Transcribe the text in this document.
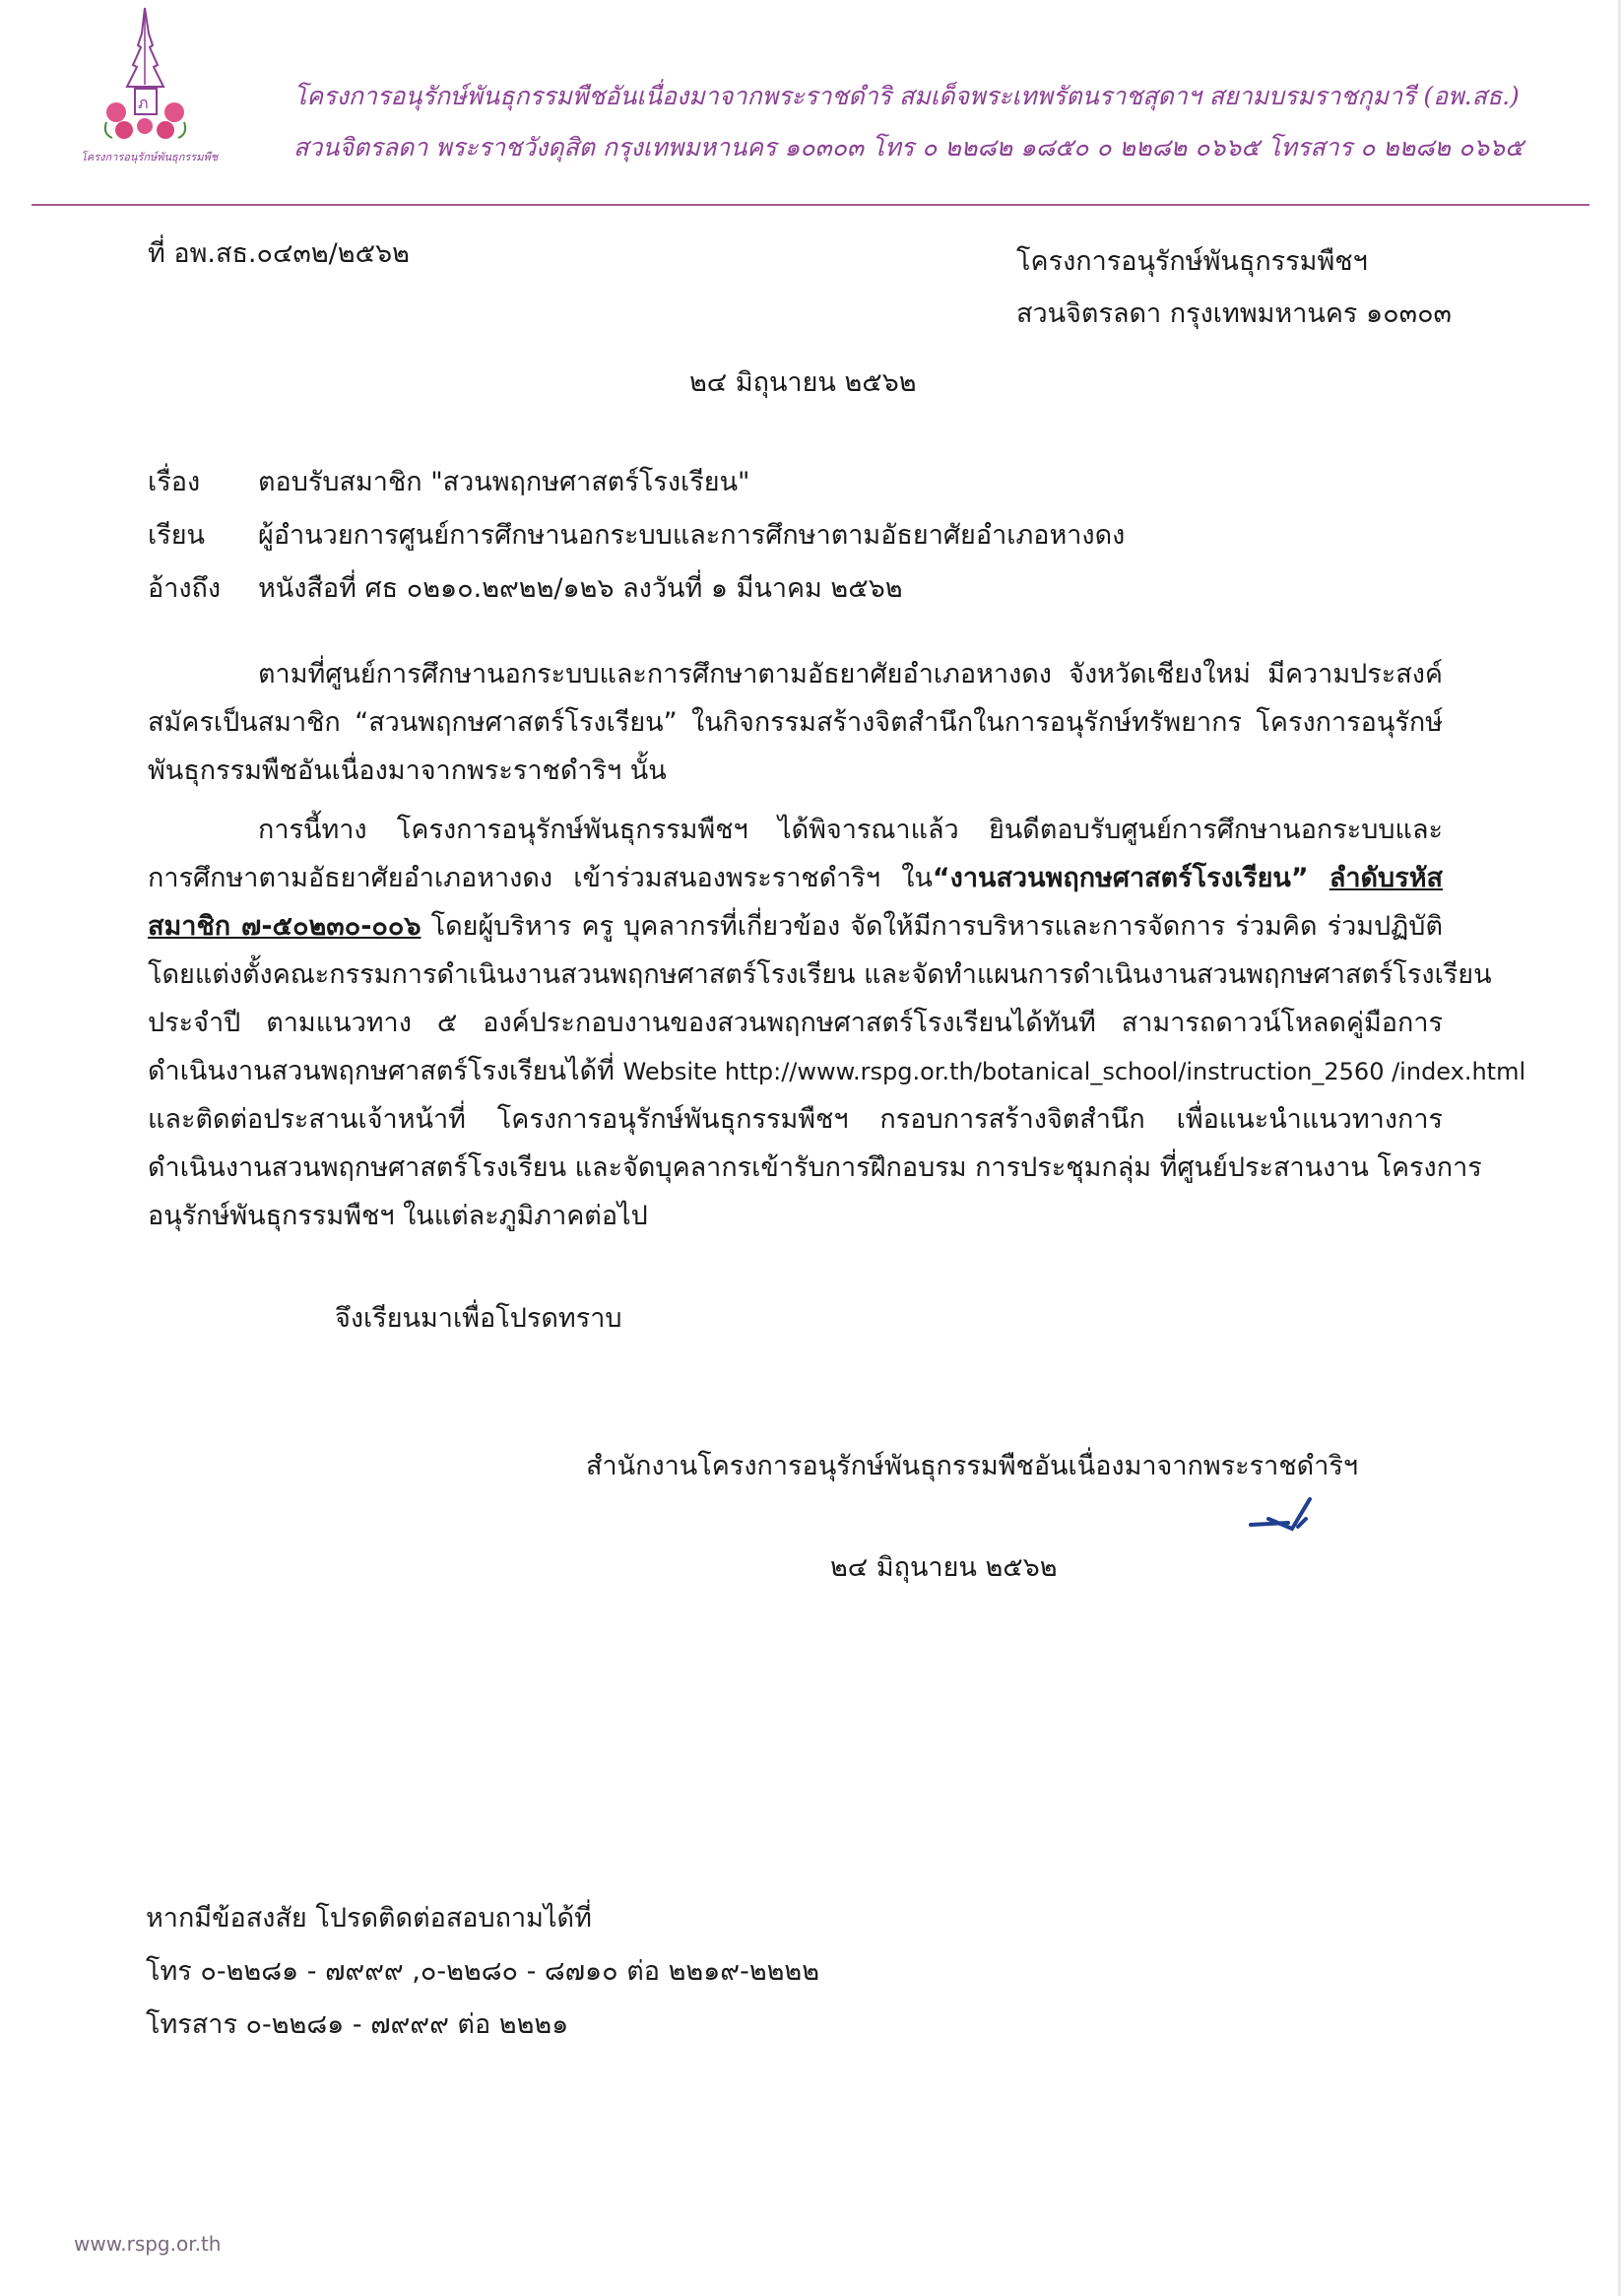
ภ
โครงการอนุรักษ์พันธุกรรมพืช
โครงการอนุรักษ์พันธุกรรมพืชอันเนื่องมาจากพระราชดำริ สมเด็จพระเทพรัตนราชสุดาฯ สยามบรมราชกุมารี (อพ.สธ.)
สวนจิตรลดา พระราชวังดุสิต กรุงเทพมหานคร ๑๐๓๐๓ โทร ๐ ๒๒๘๒ ๑๘๕๐ ๐ ๒๒๘๒ ๐๖๖๕ โทรสาร ๐ ๒๒๘๒ ๐๖๖๕
ที่ อพ.สธ.๐๔๓๒/๒๕๖๒	โครงการอนุรักษ์พันธุกรรมพืชฯ
สวนจิตรลดา กรุงเทพมหานคร ๑๐๓๐๓
๒๔ มิถุนายน ๒๕๖๒
เรื่อง ตอบรับสมาชิก "สวนพฤกษศาสตร์โรงเรียน"
เรียน ผู้อำนวยการศูนย์การศึกษานอกระบบและการศึกษาตามอัธยาศัยอำเภอหางดง
อ้างถึง หนังสือที่ ศธ ๐๒๑๐.๒๙๒๒/๑๒๖ ลงวันที่ ๑ มีนาคม ๒๕๖๒
ตามที่ศูนย์การศึกษานอกระบบและการศึกษาตามอัธยาศัยอำเภอหางดง จังหวัดเชียงใหม่ มีความประสงค์
สมัครเป็นสมาชิก “สวนพฤกษศาสตร์โรงเรียน” ในกิจกรรมสร้างจิตสำนึกในการอนุรักษ์ทรัพยากร โครงการอนุรักษ์
พันธุกรรมพืชอันเนื่องมาจากพระราชดำริฯ นั้น
การนี้ทาง โครงการอนุรักษ์พันธุกรรมพืชฯ ได้พิจารณาแล้ว ยินดีตอบรับศูนย์การศึกษานอกระบบและ
การศึกษาตามอัธยาศัยอำเภอหางดง เข้าร่วมสนองพระราชดำริฯ ใน“งานสวนพฤกษศาสตร์โรงเรียน” ลำดับรหัส
สมาชิก ๗-๕๐๒๓๐-๐๐๖ โดยผู้บริหาร ครู บุคลากรที่เกี่ยวข้อง จัดให้มีการบริหารและการจัดการ ร่วมคิด ร่วมปฏิบัติ
โดยแต่งตั้งคณะกรรมการดำเนินงานสวนพฤกษศาสตร์โรงเรียน และจัดทำแผนการดำเนินงานสวนพฤกษศาสตร์โรงเรียน
ประจำปี ตามแนวทาง ๕ องค์ประกอบงานของสวนพฤกษศาสตร์โรงเรียนได้ทันที สามารถดาวน์โหลดคู่มือการ
ดำเนินงานสวนพฤกษศาสตร์โรงเรียนได้ที่ Website http://www.rspg.or.th/botanical_school/instruction_2560 /index.html
และติดต่อประสานเจ้าหน้าที่ โครงการอนุรักษ์พันธุกรรมพืชฯ กรอบการสร้างจิตสำนึก เพื่อแนะนำแนวทางการ
ดำเนินงานสวนพฤกษศาสตร์โรงเรียน และจัดบุคลากรเข้ารับการฝึกอบรม การประชุมกลุ่ม ที่ศูนย์ประสานงาน โครงการ
อนุรักษ์พันธุกรรมพืชฯ ในแต่ละภูมิภาคต่อไป
จึงเรียนมาเพื่อโปรดทราบ
สำนักงานโครงการอนุรักษ์พันธุกรรมพืชอันเนื่องมาจากพระราชดำริฯ
๒๔ มิถุนายน ๒๕๖๒
หากมีข้อสงสัย โปรดติดต่อสอบถามได้ที่
โทร ๐-๒๒๘๑ - ๗๙๙๙ ,๐-๒๒๘๐ - ๘๗๑๐ ต่อ ๒๒๑๙-๒๒๒๒
โทรสาร ๐-๒๒๘๑ - ๗๙๙๙ ต่อ ๒๒๒๑
www.rspg.or.th
